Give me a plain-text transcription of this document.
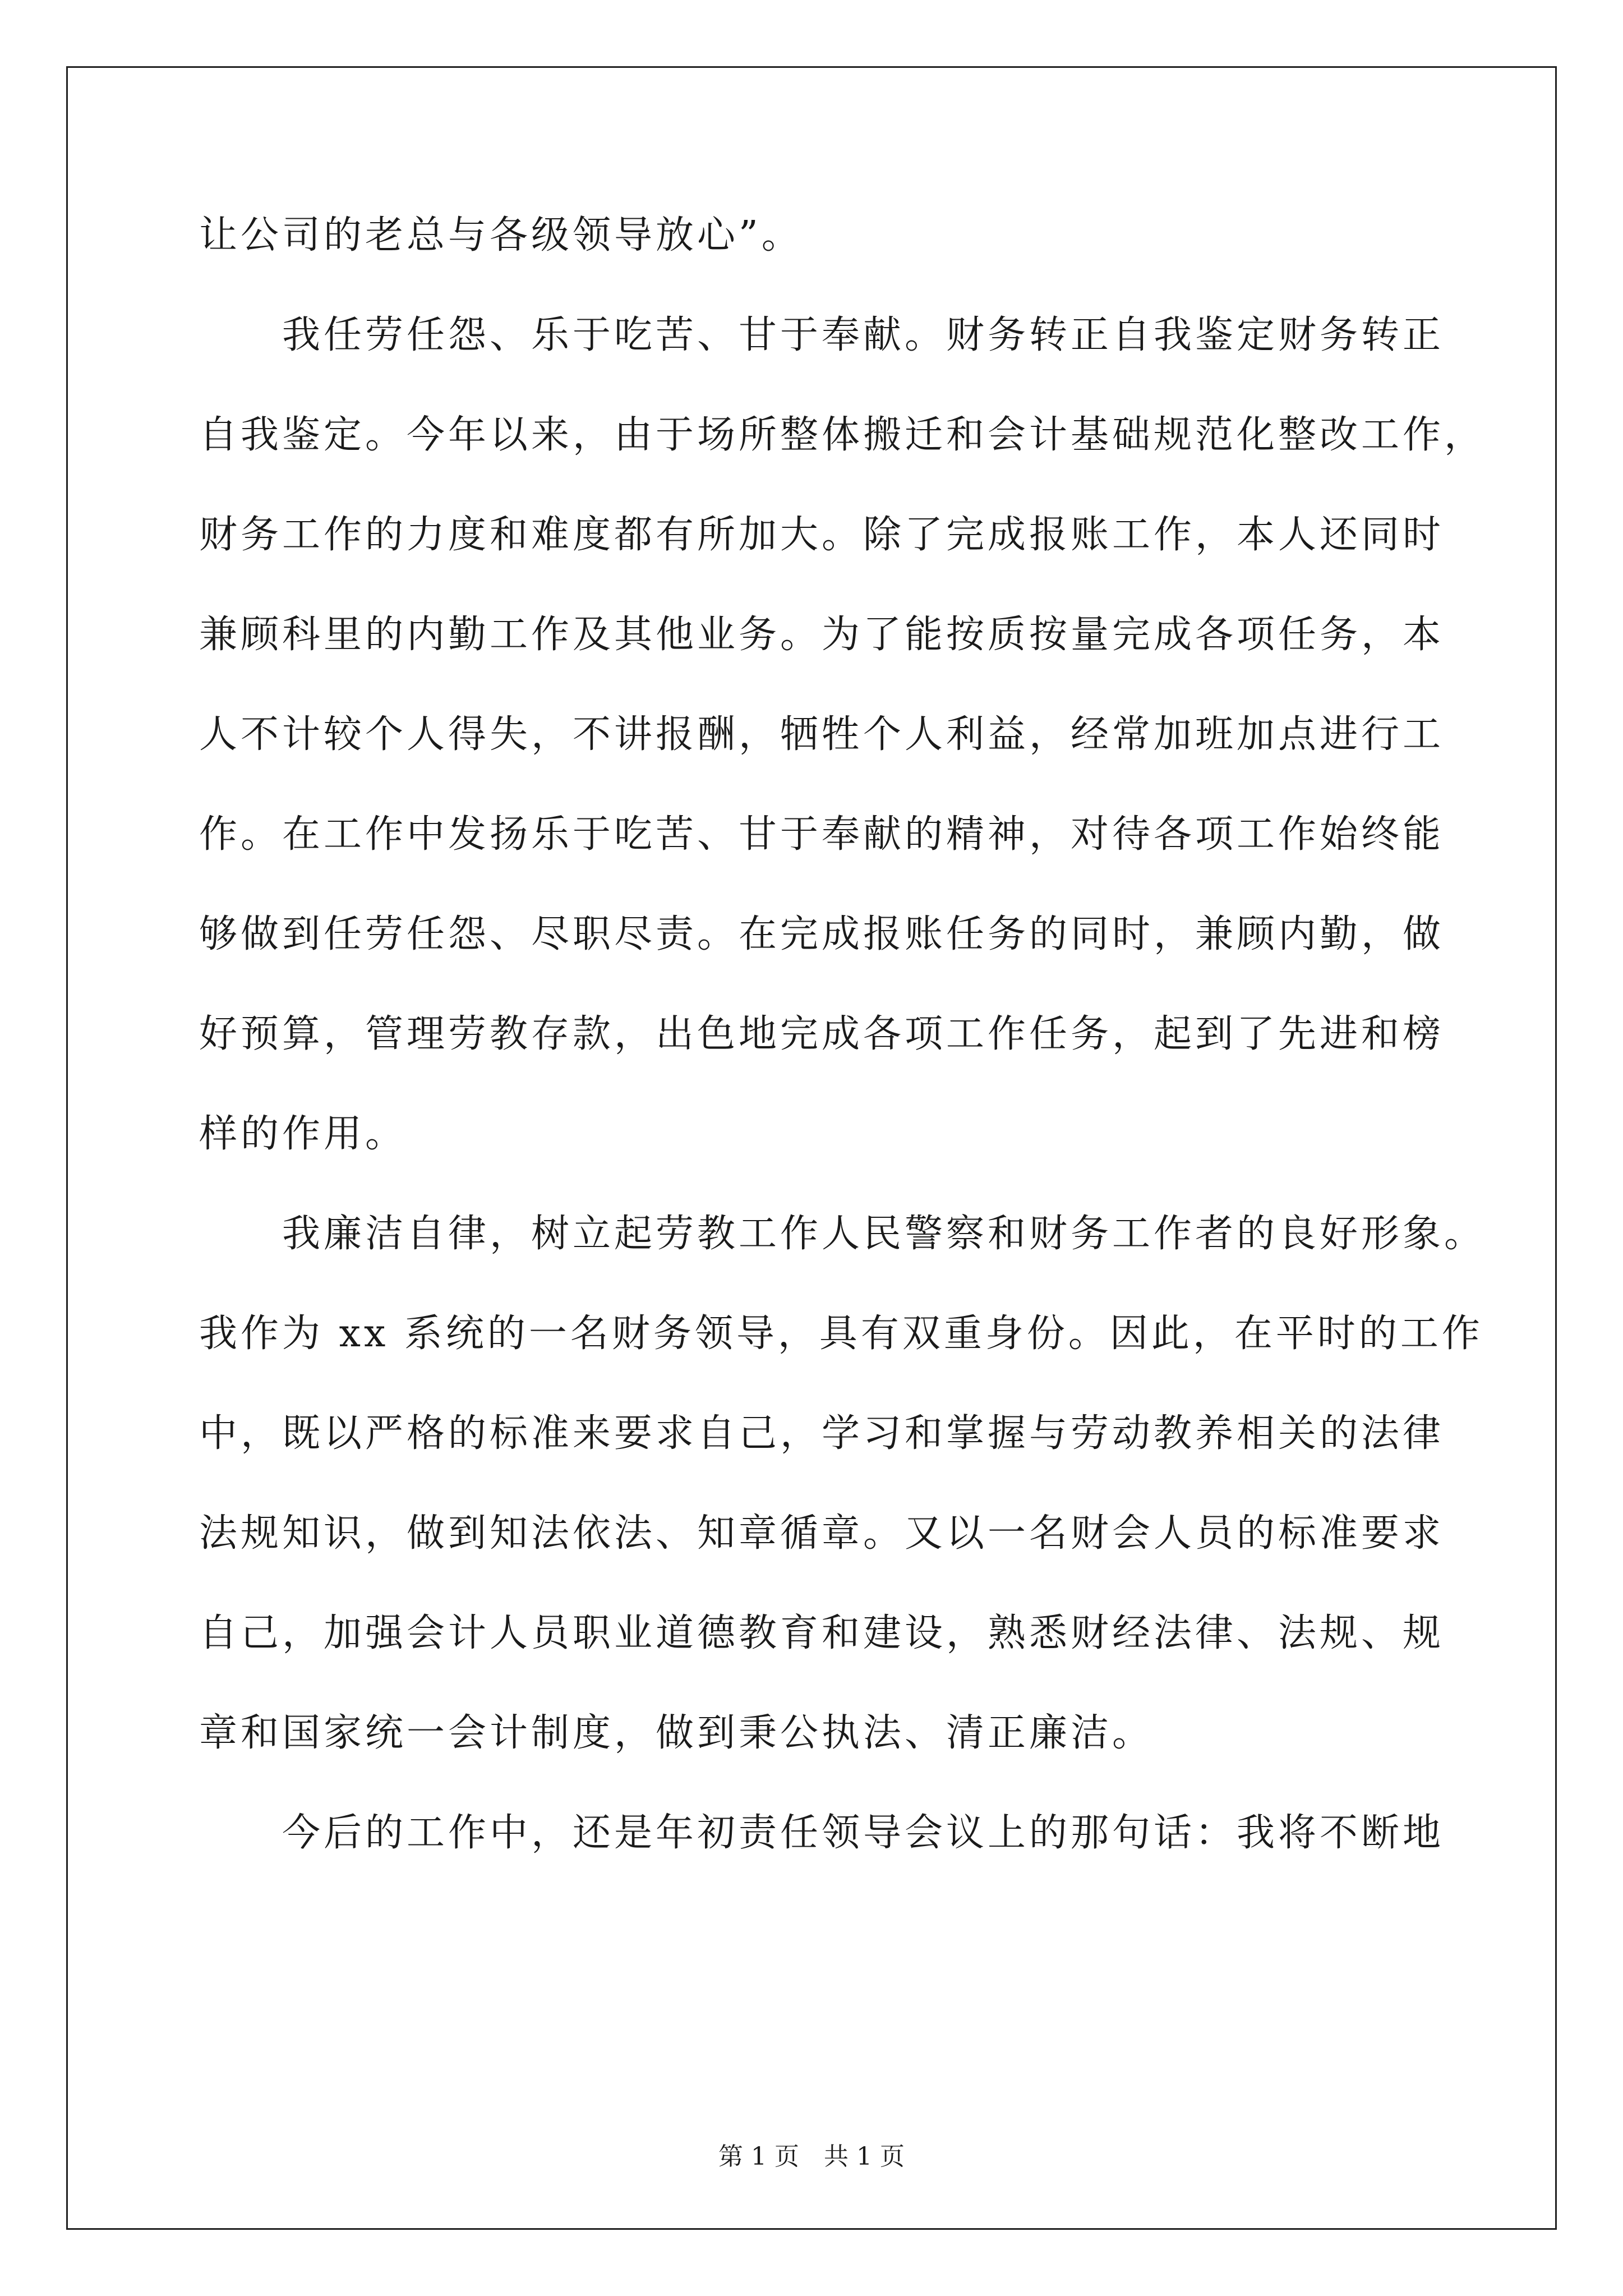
让公司的老总与各级领导放心”。
我任劳任怨、乐于吃苦、甘于奉献。财务转正自我鉴定财务转正
自我鉴定。今年以来，由于场所整体搬迁和会计基础规范化整改工作，
财务工作的力度和难度都有所加大。除了完成报账工作，本人还同时
兼顾科里的内勤工作及其他业务。为了能按质按量完成各项任务，本
人不计较个人得失，不讲报酬，牺牲个人利益，经常加班加点进行工
作。在工作中发扬乐于吃苦、甘于奉献的精神，对待各项工作始终能
够做到任劳任怨、尽职尽责。在完成报账任务的同时，兼顾内勤，做
好预算，管理劳教存款，出色地完成各项工作任务，起到了先进和榜
样的作用。
我廉洁自律，树立起劳教工作人民警察和财务工作者的良好形象。
我作为 xx 系统的一名财务领导，具有双重身份。因此，在平时的工作
中，既以严格的标准来要求自己，学习和掌握与劳动教养相关的法律
法规知识，做到知法依法、知章循章。又以一名财会人员的标准要求
自己，加强会计人员职业道德教育和建设，熟悉财经法律、法规、规
章和国家统一会计制度，做到秉公执法、清正廉洁。
今后的工作中，还是年初责任领导会议上的那句话：我将不断地
第 1 页　共 1 页
